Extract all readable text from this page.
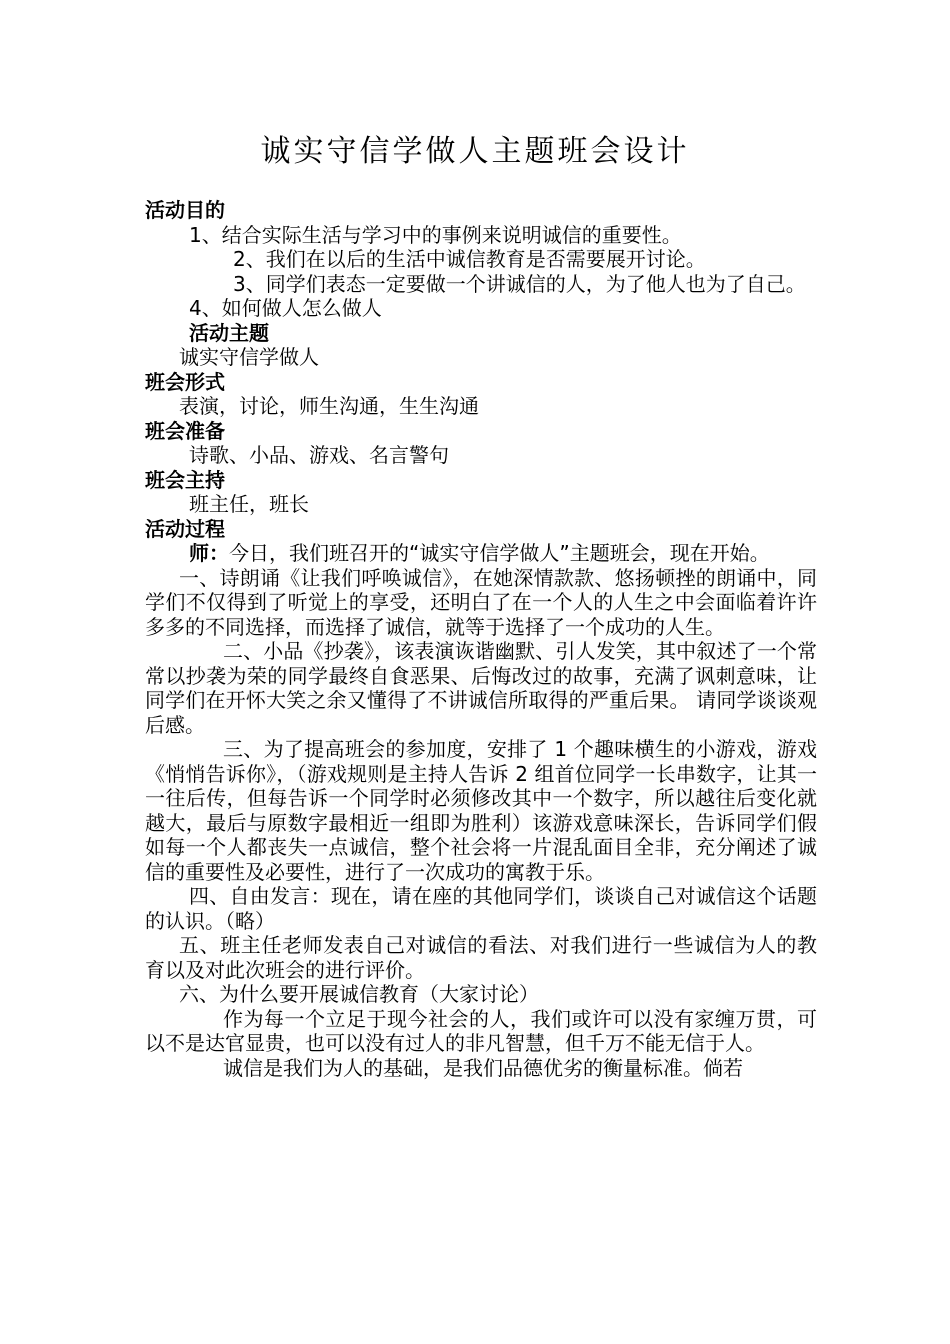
诚实守信学做人主题班会设计

活动目的

1、结合实际生活与学习中的事例来说明诚信的重要性。

2、我们在以后的生活中诚信教育是否需要展开讨论。

3、同学们表态一定要做一个讲诚信的人，为了他人也为了自己。

4、如何做人怎么做人

活动主题

诚实守信学做人

班会形式

表演，讨论，师生沟通，生生沟通

班会准备

诗歌、小品、游戏、名言警句

班会主持

班主任，班长

活动过程

师：今日，我们班召开的“诚实守信学做人”主题班会，现在开始。

一、诗朗诵《让我们呼唤诚信》，在她深情款款、悠扬顿挫的朗诵中，同学们不仅得到了听觉上的享受，还明白了在一个人的人生之中会面临着许许多多的不同选择，而选择了诚信，就等于选择了一个成功的人生。

二、小品《抄袭》，该表演诙谐幽默、引人发笑，其中叙述了一个常常以抄袭为荣的同学最终自食恶果、后悔改过的故事，充满了讽刺意味，让同学们在开怀大笑之余又懂得了不讲诚信所取得的严重后果。 请同学谈谈观后感。

三、为了提高班会的参加度，安排了 1 个趣味横生的小游戏，游戏《悄悄告诉你》，（游戏规则是主持人告诉 2 组首位同学一长串数字，让其一一往后传，但每告诉一个同学时必须修改其中一个数字，所以越往后变化就越大，最后与原数字最相近一组即为胜利）该游戏意味深长，告诉同学们假如每一个人都丧失一点诚信，整个社会将一片混乱面目全非，充分阐述了诚信的重要性及必要性，进行了一次成功的寓教于乐。

四、自由发言：现在，请在座的其他同学们，谈谈自己对诚信这个话题的认识。（略）

五、班主任老师发表自己对诚信的看法、对我们进行一些诚信为人的教育以及对此次班会的进行评价。

六、为什么要开展诚信教育（大家讨论）

作为每一个立足于现今社会的人，我们或许可以没有家缠万贯，可以不是达官显贵，也可以没有过人的非凡智慧，但千万不能无信于人。

诚信是我们为人的基础，是我们品德优劣的衡量标准。倘若
